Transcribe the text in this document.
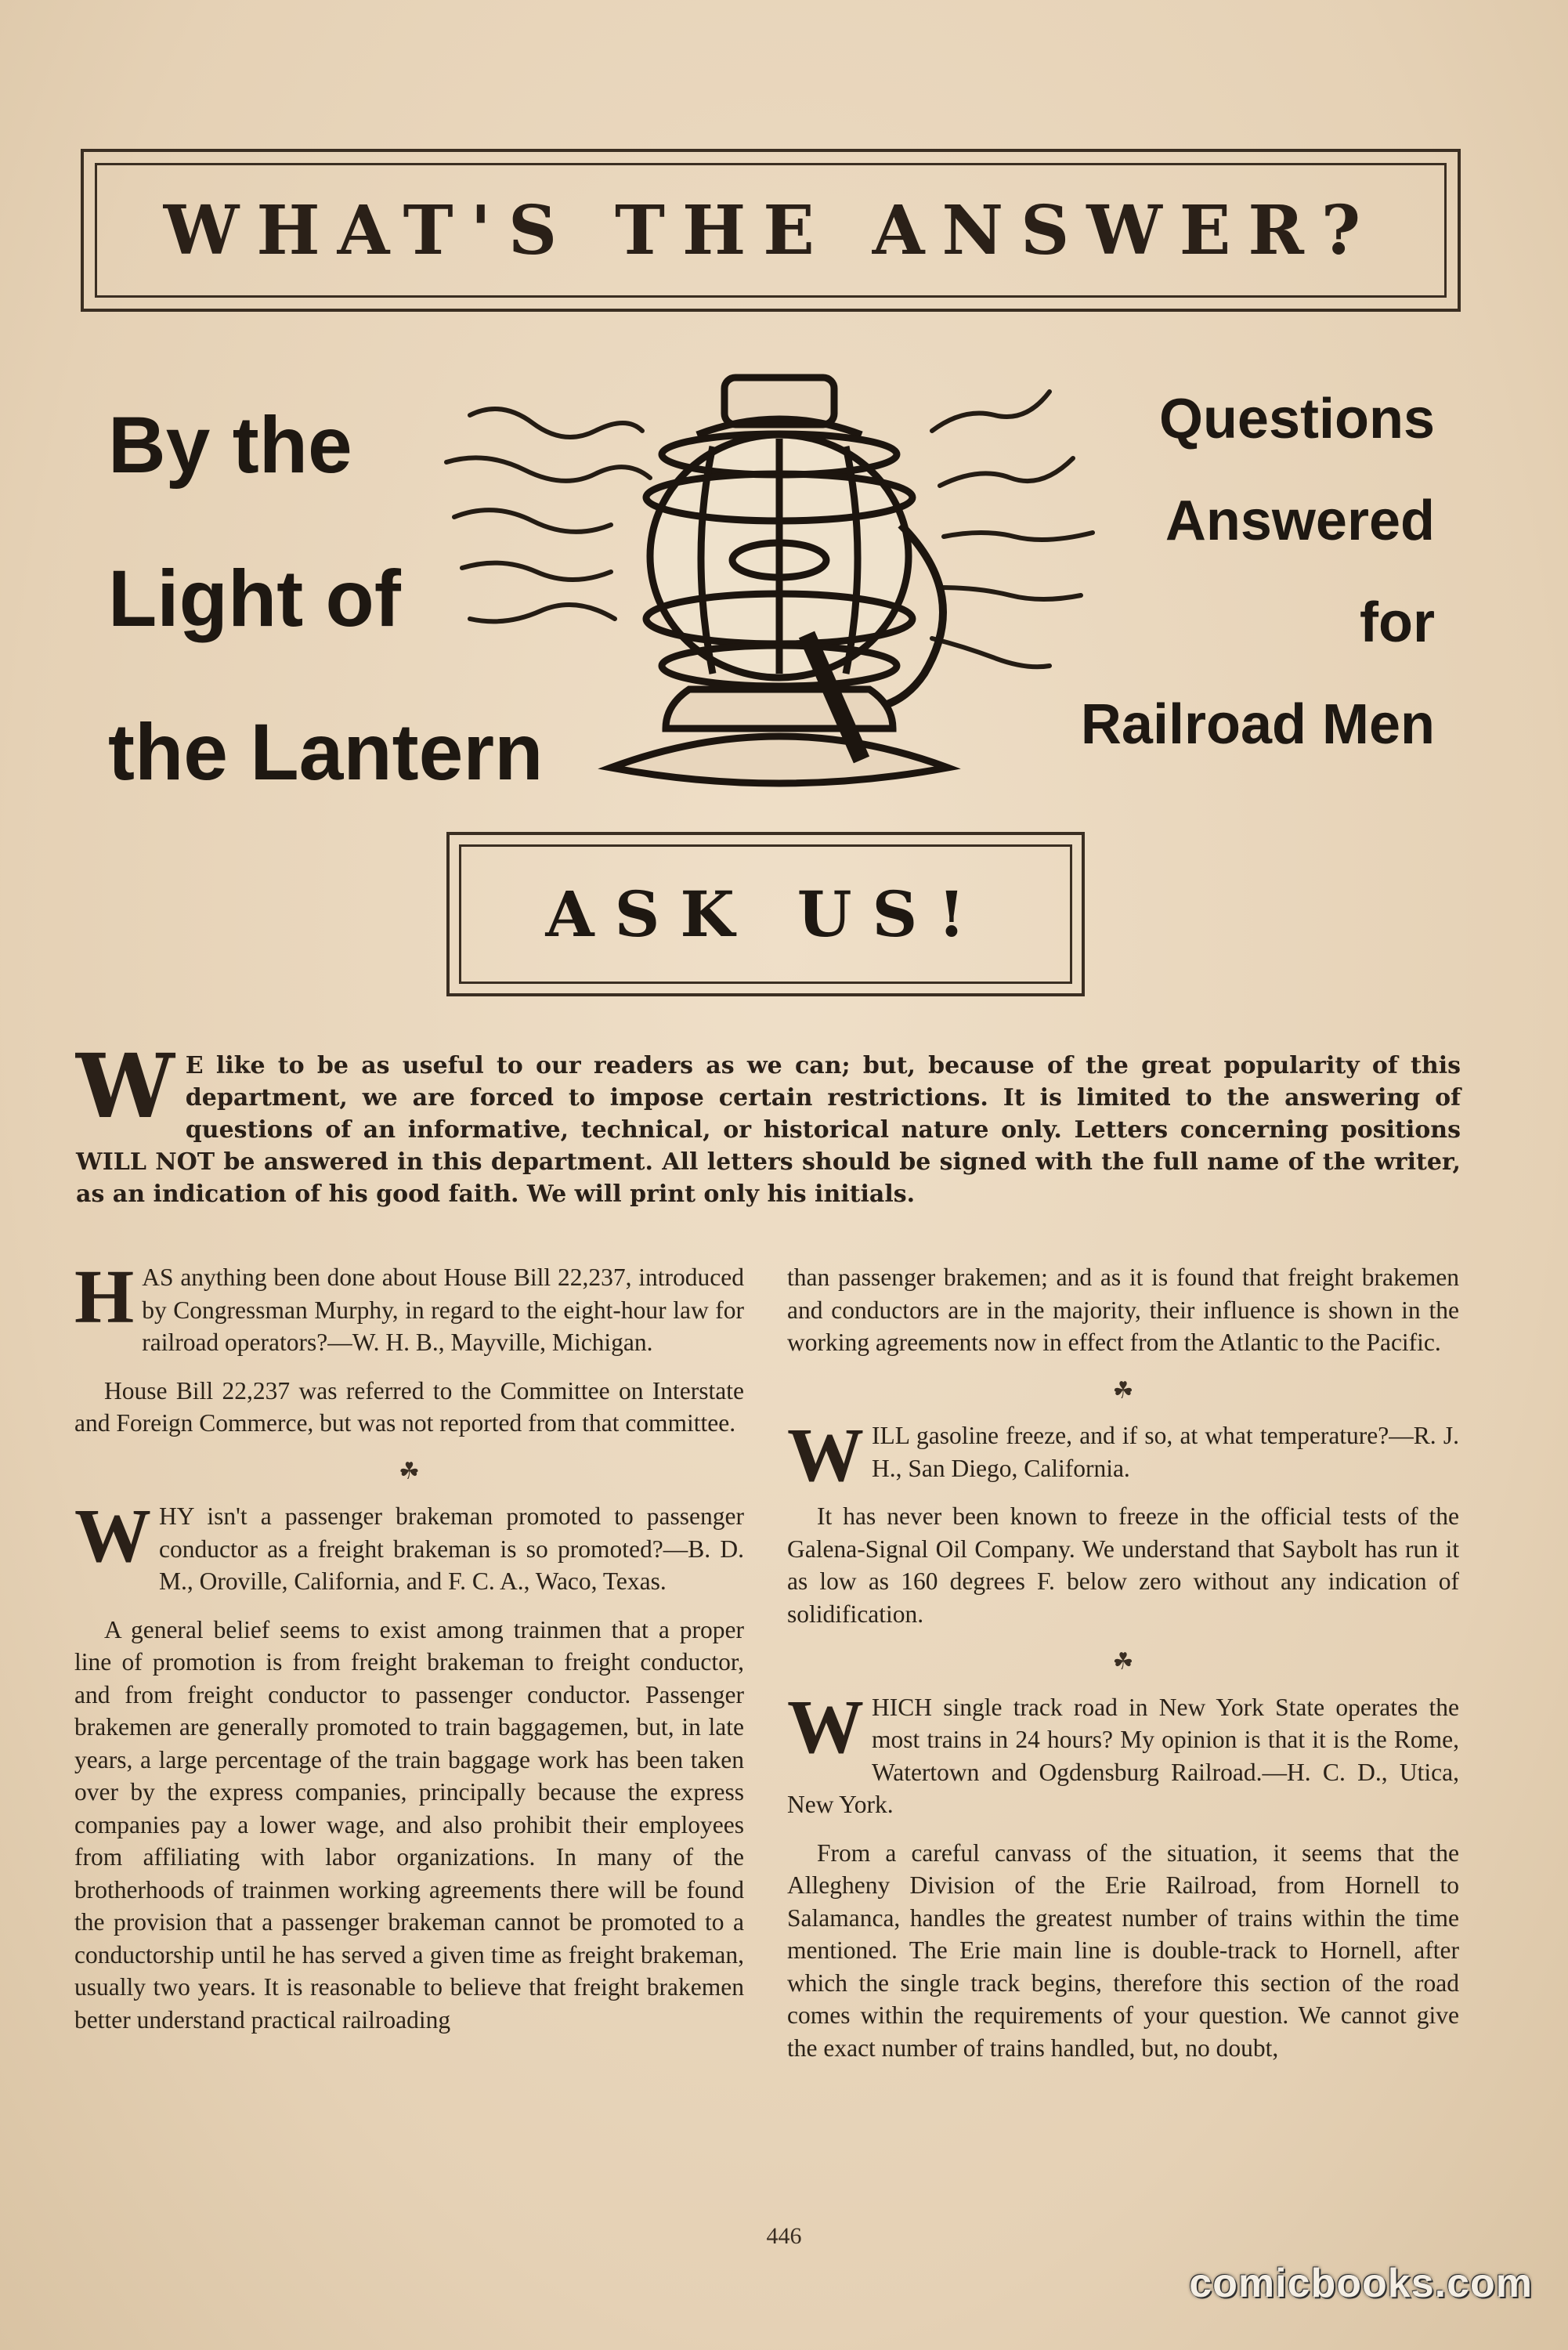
WHAT'S THE ANSWER?
By the
Light of
the Lantern
Questions
Answered
for
Railroad Men
ASK US!
W E like to be as useful to our readers as we can; but, because of the great popularity of this department, we are forced to impose certain restrictions. It is limited to the answering of questions of an informative, technical, or historical nature only. Letters concerning positions WILL NOT be answered in this department. All letters should be signed with the full name of the writer, as an indication of his good faith. We will print only his initials.

HAS anything been done about House Bill 22,237, introduced by Congressman Murphy, in regard to the eight-hour law for railroad operators?—W. H. B., Mayville, Michigan.

House Bill 22,237 was referred to the Committee on Interstate and Foreign Commerce, but was not reported from that committee.

☘

WHY isn't a passenger brakeman promoted to passenger conductor as a freight brakeman is so promoted?—B. D. M., Oroville, California, and F. C. A., Waco, Texas.

A general belief seems to exist among trainmen that a proper line of promotion is from freight brakeman to freight conductor, and from freight conductor to passenger conductor. Passenger brakemen are generally promoted to train baggagemen, but, in late years, a large percentage of the train baggage work has been taken over by the express companies, principally because the express companies pay a lower wage, and also prohibit their employees from affiliating with labor organizations. In many of the brotherhoods of trainmen working agreements there will be found the provision that a passenger brakeman cannot be promoted to a conductorship until he has served a given time as freight brakeman, usually two years. It is reasonable to believe that freight brakemen better understand practical railroading

than passenger brakemen; and as it is found that freight brakemen and conductors are in the majority, their influence is shown in the working agreements now in effect from the Atlantic to the Pacific.

☘

WILL gasoline freeze, and if so, at what temperature?—R. J. H., San Diego, California.

It has never been known to freeze in the official tests of the Galena-Signal Oil Company. We understand that Saybolt has run it as low as 160 degrees F. below zero without any indication of solidification.

☘

WHICH single track road in New York State operates the most trains in 24 hours? My opinion is that it is the Rome, Watertown and Ogdensburg Railroad.—H. C. D., Utica, New York.

From a careful canvass of the situation, it seems that the Allegheny Division of the Erie Railroad, from Hornell to Salamanca, handles the greatest number of trains within the time mentioned. The Erie main line is double-track to Hornell, after which the single track begins, therefore this section of the road comes within the requirements of your question. We cannot give the exact number of trains handled, but, no doubt,

446
comicbooks.com
